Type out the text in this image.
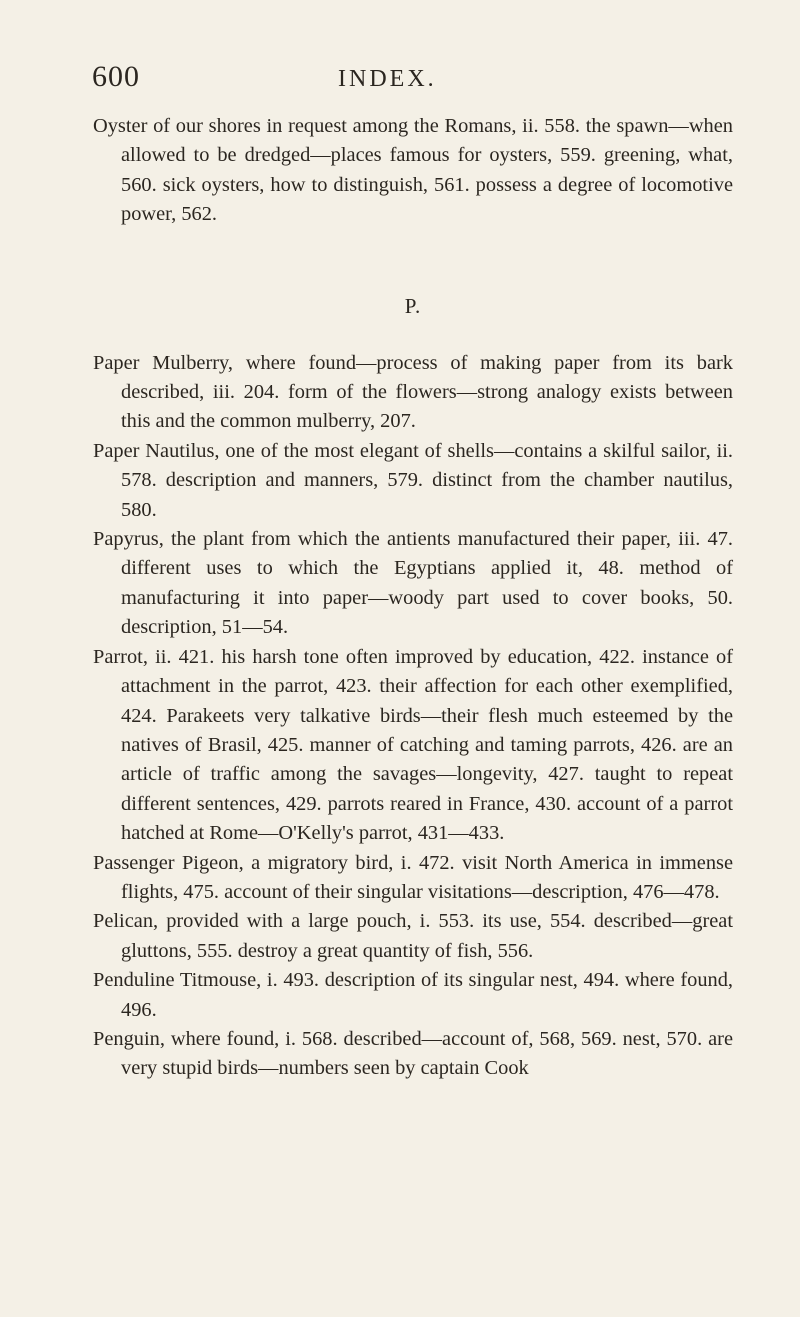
600	INDEX.

Oyster of our shores in request among the Romans, ii. 558. the spawn—when allowed to be dredged—places famous for oysters, 559. greening, what, 560. sick oysters, how to distinguish, 561. possess a degree of locomotive power, 562.

P.

Paper Mulberry, where found—process of making paper from its bark described, iii. 204. form of the flowers—strong analogy exists between this and the common mulberry, 207.

Paper Nautilus, one of the most elegant of shells—contains a skilful sailor, ii. 578. description and manners, 579. distinct from the chamber nautilus, 580.

Papyrus, the plant from which the antients manufactured their paper, iii. 47. different uses to which the Egyptians applied it, 48. method of manufacturing it into paper—woody part used to cover books, 50. description, 51—54.

Parrot, ii. 421. his harsh tone often improved by education, 422. instance of attachment in the parrot, 423. their affection for each other exemplified, 424. Parakeets very talkative birds—their flesh much esteemed by the natives of Brasil, 425. manner of catching and taming parrots, 426. are an article of traffic among the savages—longevity, 427. taught to repeat different sentences, 429. parrots reared in France, 430. account of a parrot hatched at Rome—O'Kelly's parrot, 431—433.

Passenger Pigeon, a migratory bird, i. 472. visit North America in immense flights, 475. account of their singular visitations—description, 476—478.

Pelican, provided with a large pouch, i. 553. its use, 554. described—great gluttons, 555. destroy a great quantity of fish, 556.

Penduline Titmouse, i. 493. description of its singular nest, 494. where found, 496.

Penguin, where found, i. 568. described—account of, 568, 569. nest, 570. are very stupid birds—numbers seen by captain Cook
